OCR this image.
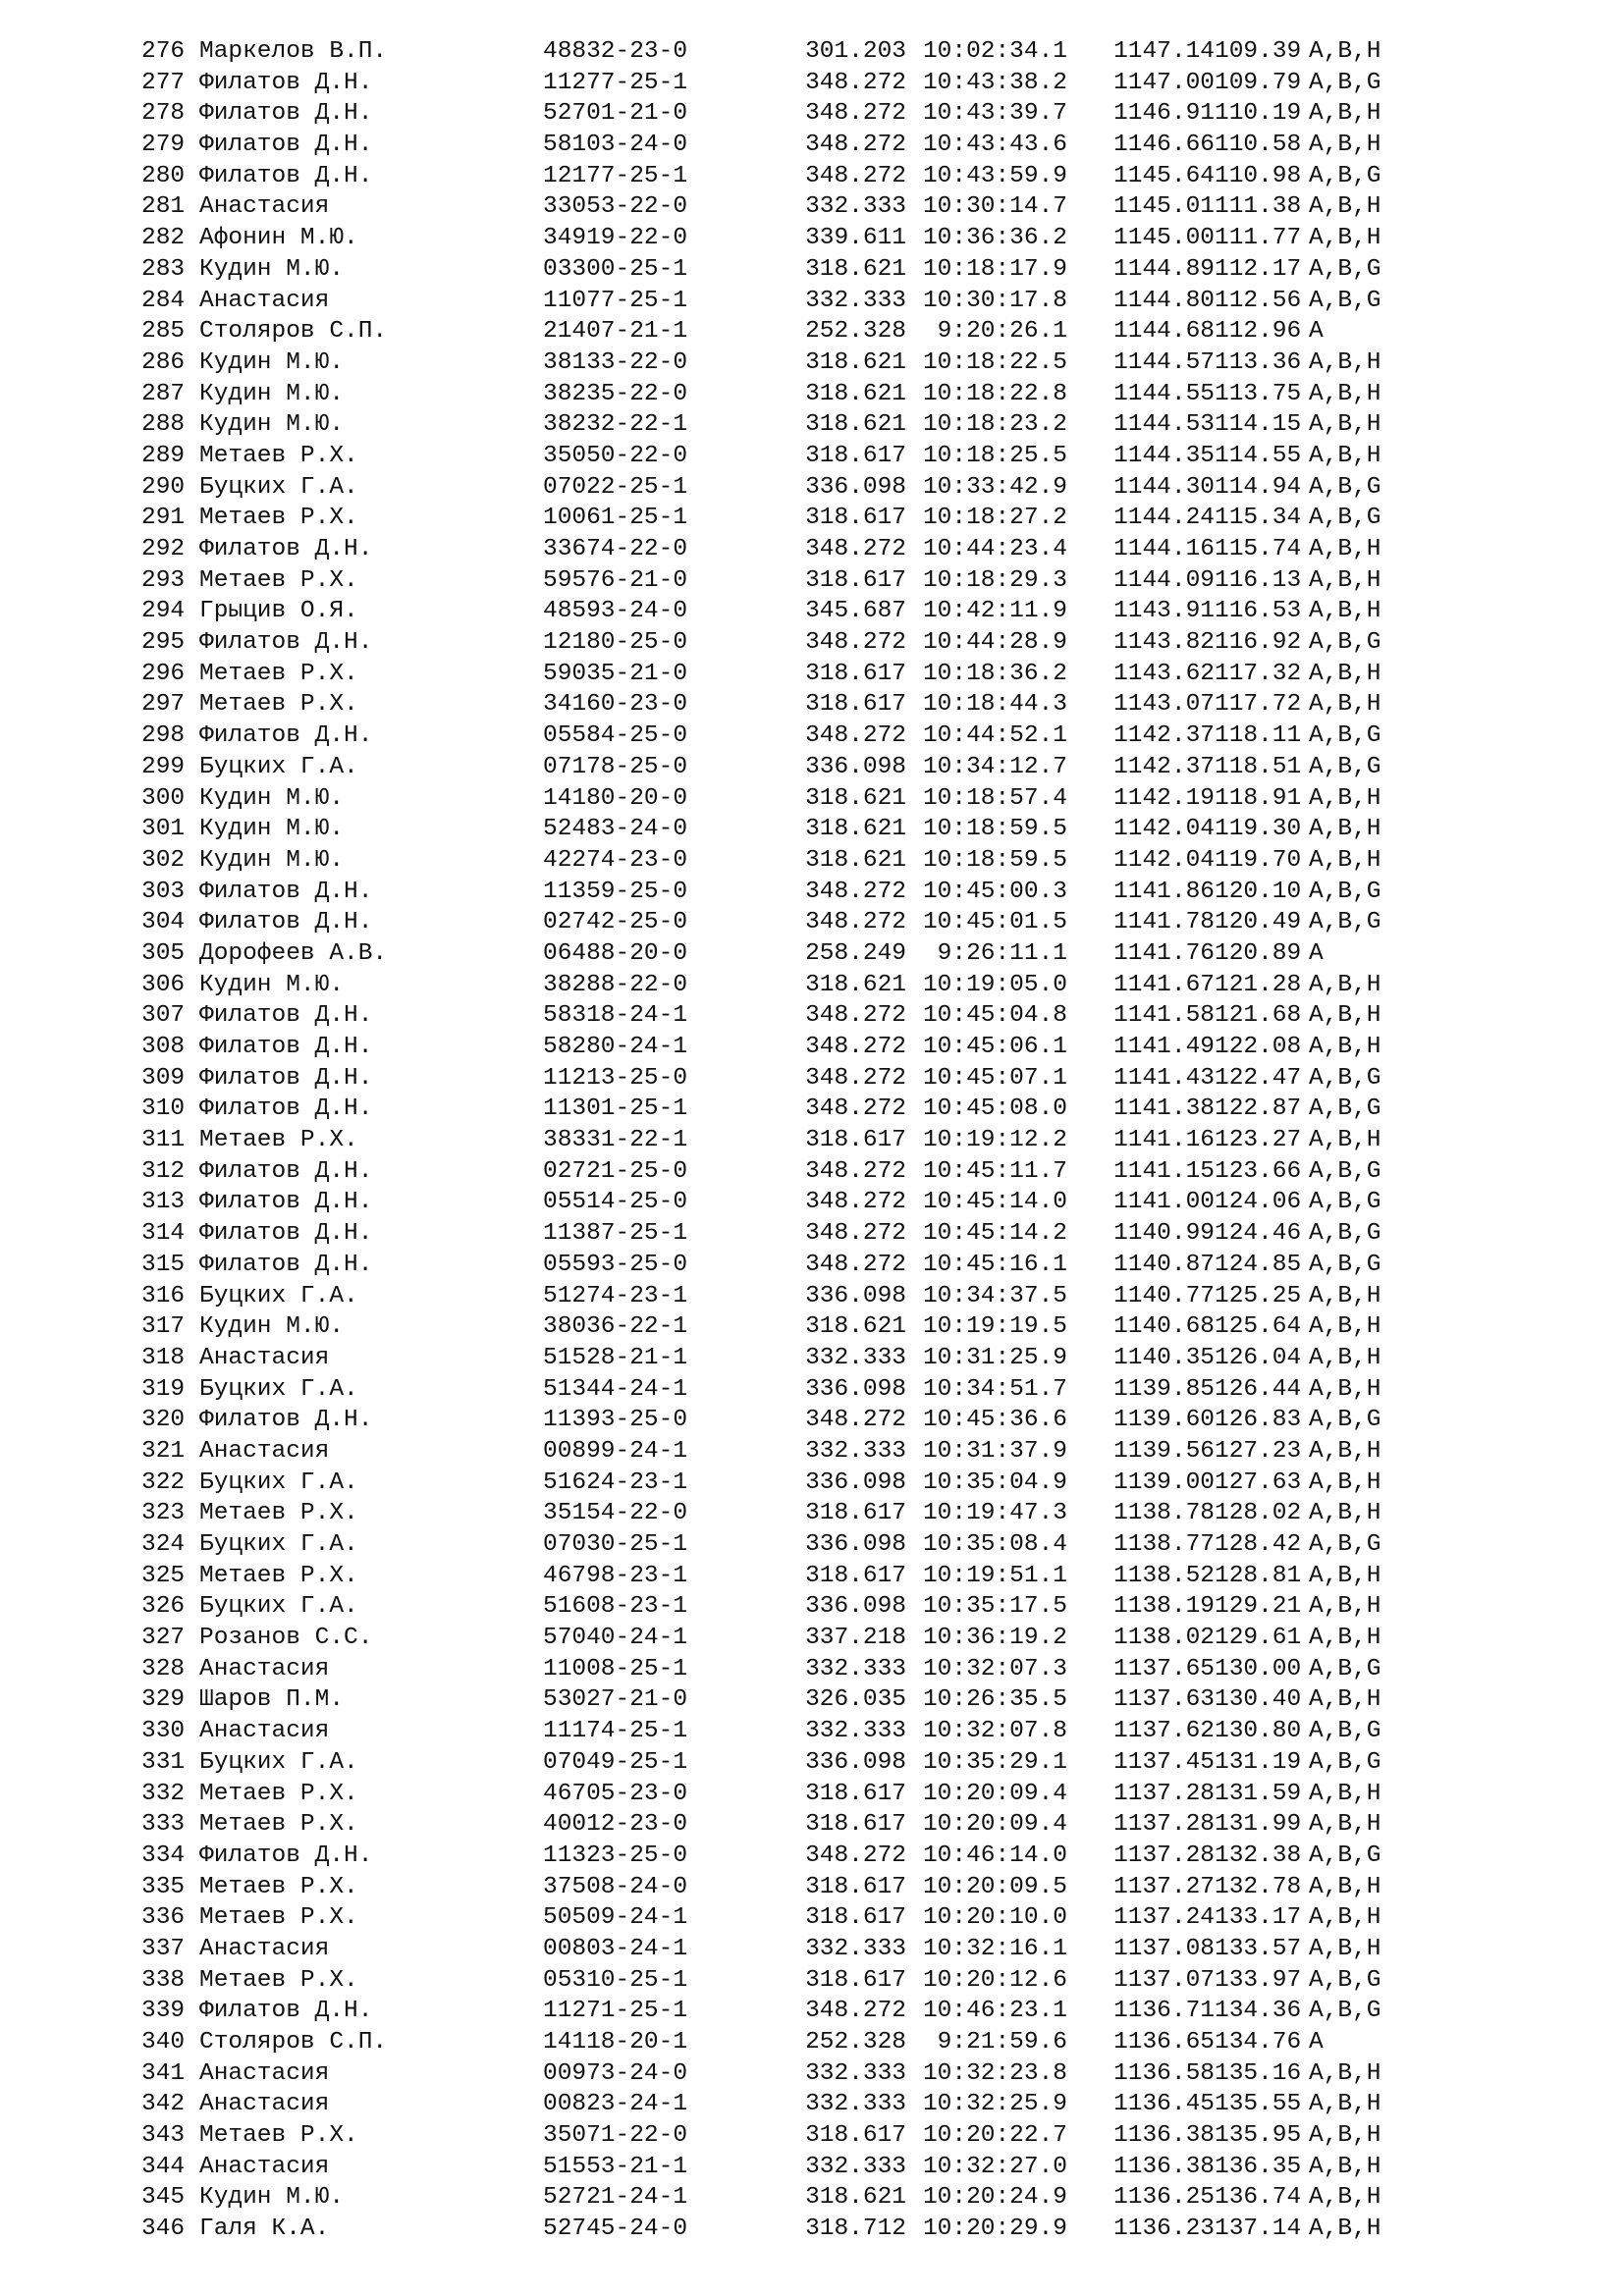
276 Маркелов В.П.	48832-23-0	301.203 10:02:34.1 1147.14109.39 A,B,H
277 Филатов Д.Н.	11277-25-1	348.272 10:43:38.2 1147.00109.79 A,B,G
278 Филатов Д.Н.	52701-21-0	348.272 10:43:39.7 1146.91110.19 A,B,H
279 Филатов Д.Н.	58103-24-0	348.272 10:43:43.6 1146.66110.58 A,B,H
280 Филатов Д.Н.	12177-25-1	348.272 10:43:59.9 1145.64110.98 A,B,G
281 Анастасия	33053-22-0	332.333 10:30:14.7 1145.01111.38 A,B,H
282 Афонин М.Ю.	34919-22-0	339.611 10:36:36.2 1145.00111.77 A,B,H
283 Кудин М.Ю.	03300-25-1	318.621 10:18:17.9 1144.89112.17 A,B,G
284 Анастасия	11077-25-1	332.333 10:30:17.8 1144.80112.56 A,B,G
285 Столяров С.П.	21407-21-1	252.328 9:20:26.1 1144.68112.96 A
286 Кудин М.Ю.	38133-22-0	318.621 10:18:22.5 1144.57113.36 A,B,H
287 Кудин М.Ю.	38235-22-0	318.621 10:18:22.8 1144.55113.75 A,B,H
288 Кудин М.Ю.	38232-22-1	318.621 10:18:23.2 1144.53114.15 A,B,H
289 Метаев Р.Х.	35050-22-0	318.617 10:18:25.5 1144.35114.55 A,B,H
290 Буцких Г.А.	07022-25-1	336.098 10:33:42.9 1144.30114.94 A,B,G
291 Метаев Р.Х.	10061-25-1	318.617 10:18:27.2 1144.24115.34 A,B,G
292 Филатов Д.Н.	33674-22-0	348.272 10:44:23.4 1144.16115.74 A,B,H
293 Метаев Р.Х.	59576-21-0	318.617 10:18:29.3 1144.09116.13 A,B,H
294 Грыцив О.Я.	48593-24-0	345.687 10:42:11.9 1143.91116.53 A,B,H
295 Филатов Д.Н.	12180-25-0	348.272 10:44:28.9 1143.82116.92 A,B,G
296 Метаев Р.Х.	59035-21-0	318.617 10:18:36.2 1143.62117.32 A,B,H
297 Метаев Р.Х.	34160-23-0	318.617 10:18:44.3 1143.07117.72 A,B,H
298 Филатов Д.Н.	05584-25-0	348.272 10:44:52.1 1142.37118.11 A,B,G
299 Буцких Г.А.	07178-25-0	336.098 10:34:12.7 1142.37118.51 A,B,G
300 Кудин М.Ю.	14180-20-0	318.621 10:18:57.4 1142.19118.91 A,B,H
301 Кудин М.Ю.	52483-24-0	318.621 10:18:59.5 1142.04119.30 A,B,H
302 Кудин М.Ю.	42274-23-0	318.621 10:18:59.5 1142.04119.70 A,B,H
303 Филатов Д.Н.	11359-25-0	348.272 10:45:00.3 1141.86120.10 A,B,G
304 Филатов Д.Н.	02742-25-0	348.272 10:45:01.5 1141.78120.49 A,B,G
305 Дорофеев А.В.	06488-20-0	258.249 9:26:11.1 1141.76120.89 A
306 Кудин М.Ю.	38288-22-0	318.621 10:19:05.0 1141.67121.28 A,B,H
307 Филатов Д.Н.	58318-24-1	348.272 10:45:04.8 1141.58121.68 A,B,H
308 Филатов Д.Н.	58280-24-1	348.272 10:45:06.1 1141.49122.08 A,B,H
309 Филатов Д.Н.	11213-25-0	348.272 10:45:07.1 1141.43122.47 A,B,G
310 Филатов Д.Н.	11301-25-1	348.272 10:45:08.0 1141.38122.87 A,B,G
311 Метаев Р.Х.	38331-22-1	318.617 10:19:12.2 1141.16123.27 A,B,H
312 Филатов Д.Н.	02721-25-0	348.272 10:45:11.7 1141.15123.66 A,B,G
313 Филатов Д.Н.	05514-25-0	348.272 10:45:14.0 1141.00124.06 A,B,G
314 Филатов Д.Н.	11387-25-1	348.272 10:45:14.2 1140.99124.46 A,B,G
315 Филатов Д.Н.	05593-25-0	348.272 10:45:16.1 1140.87124.85 A,B,G
316 Буцких Г.А.	51274-23-1	336.098 10:34:37.5 1140.77125.25 A,B,H
317 Кудин М.Ю.	38036-22-1	318.621 10:19:19.5 1140.68125.64 A,B,H
318 Анастасия	51528-21-1	332.333 10:31:25.9 1140.35126.04 A,B,H
319 Буцких Г.А.	51344-24-1	336.098 10:34:51.7 1139.85126.44 A,B,H
320 Филатов Д.Н.	11393-25-0	348.272 10:45:36.6 1139.60126.83 A,B,G
321 Анастасия	00899-24-1	332.333 10:31:37.9 1139.56127.23 A,B,H
322 Буцких Г.А.	51624-23-1	336.098 10:35:04.9 1139.00127.63 A,B,H
323 Метаев Р.Х.	35154-22-0	318.617 10:19:47.3 1138.78128.02 A,B,H
324 Буцких Г.А.	07030-25-1	336.098 10:35:08.4 1138.77128.42 A,B,G
325 Метаев Р.Х.	46798-23-1	318.617 10:19:51.1 1138.52128.81 A,B,H
326 Буцких Г.А.	51608-23-1	336.098 10:35:17.5 1138.19129.21 A,B,H
327 Розанов С.С.	57040-24-1	337.218 10:36:19.2 1138.02129.61 A,B,H
328 Анастасия	11008-25-1	332.333 10:32:07.3 1137.65130.00 A,B,G
329 Шаров П.М.	53027-21-0	326.035 10:26:35.5 1137.63130.40 A,B,H
330 Анастасия	11174-25-1	332.333 10:32:07.8 1137.62130.80 A,B,G
331 Буцких Г.А.	07049-25-1	336.098 10:35:29.1 1137.45131.19 A,B,G
332 Метаев Р.Х.	46705-23-0	318.617 10:20:09.4 1137.28131.59 A,B,H
333 Метаев Р.Х.	40012-23-0	318.617 10:20:09.4 1137.28131.99 A,B,H
334 Филатов Д.Н.	11323-25-0	348.272 10:46:14.0 1137.28132.38 A,B,G
335 Метаев Р.Х.	37508-24-0	318.617 10:20:09.5 1137.27132.78 A,B,H
336 Метаев Р.Х.	50509-24-1	318.617 10:20:10.0 1137.24133.17 A,B,H
337 Анастасия	00803-24-1	332.333 10:32:16.1 1137.08133.57 A,B,H
338 Метаев Р.Х.	05310-25-1	318.617 10:20:12.6 1137.07133.97 A,B,G
339 Филатов Д.Н.	11271-25-1	348.272 10:46:23.1 1136.71134.36 A,B,G
340 Столяров С.П.	14118-20-1	252.328 9:21:59.6 1136.65134.76 A
341 Анастасия	00973-24-0	332.333 10:32:23.8 1136.58135.16 A,B,H
342 Анастасия	00823-24-1	332.333 10:32:25.9 1136.45135.55 A,B,H
343 Метаев Р.Х.	35071-22-0	318.617 10:20:22.7 1136.38135.95 A,B,H
344 Анастасия	51553-21-1	332.333 10:32:27.0 1136.38136.35 A,B,H
345 Кудин М.Ю.	52721-24-1	318.621 10:20:24.9 1136.25136.74 A,B,H
346 Галя К.А.	52745-24-0	318.712 10:20:29.9 1136.23137.14 A,B,H
